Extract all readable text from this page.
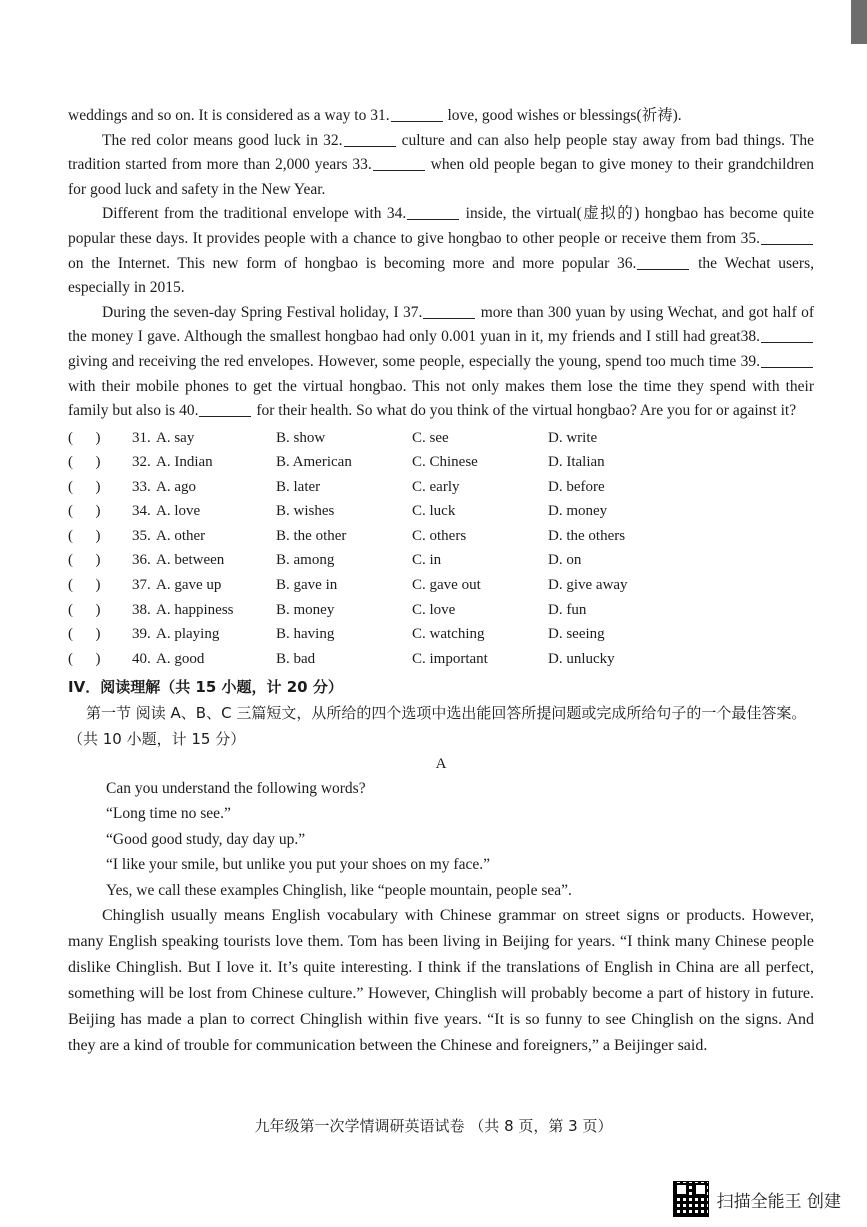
weddings and so on. It is considered as a way to 31.	love, good wishes or blessings(祈祷).

The red color means good luck in 32.	culture and can also help people stay away from bad things. The tradition started from more than 2,000 years 33.	when old people began to give money to their grandchildren for good luck and safety in the New Year.

Different from the traditional envelope with 34.	inside, the virtual(虚拟的) hongbao has become quite popular these days. It provides people with a chance to give hongbao to other people or receive them from 35. on the Internet. This new form of hongbao is becoming more and more popular 36.	the Wechat users, especially in 2015.

During the seven-day Spring Festival holiday, I 37.	more than 300 yuan by using Wechat, and got half of the money I gave. Although the smallest hongbao had only 0.001 yuan in it, my friends and I still had great38. giving and receiving the red envelopes. However, some people, especially the young, spend too much time 39. with their mobile phones to get the virtual hongbao. This not only makes them lose the time they spend with their family but also is 40.	for their health. So what do you think of the virtual hongbao? Are you for or against it?

(      )	31. A. say	B. show	C. see	D. write
(      )	32. A. Indian	B. American	C. Chinese	D. Italian
(      )	33. A. ago	B. later	C. early	D. before
(      )	34. A. love	B. wishes	C. luck	D. money
(      )	35. A. other	B. the other	C. others	D. the others
(      )	36. A. between	B. among	C. in	D. on
(      )	37. A. gave up	B. gave in	C. gave out	D. give away
(      )	38. A. happiness	B. money	C. love	D. fun
(      )	39. A. playing	B. having	C. watching	D. seeing
(      )	40. A. good	B. bad	C. important	D. unlucky
IV．阅读理解（共 15 小题，计 20 分）

第一节 阅读 A、B、C 三篇短文，从所给的四个选项中选出能回答所提问题或完成所给句子的一个最佳答案。（共 10 小题，计 15 分）

A

Can you understand the following words?

“Long time no see.”

“Good good study, day day up.”

“I like your smile, but unlike you put your shoes on my face.”

Yes, we call these examples Chinglish, like “people mountain, people sea”.

Chinglish usually means English vocabulary with Chinese grammar on street signs or products. However, many English speaking tourists love them. Tom has been living in Beijing for years. “I think many Chinese people dislike Chinglish. But I love it. It’s quite interesting. I think if the translations of English in China are all perfect, something will be lost from Chinese culture.” However, Chinglish will probably become a part of history in future. Beijing has made a plan to correct Chinglish within five years. “It is so funny to see Chinglish on the signs. And they are a kind of trouble for communication between the Chinese and foreigners,” a Beijinger said.

九年级第一次学情调研英语试卷 （共 8 页，第 3 页）
扫描全能王 创建
